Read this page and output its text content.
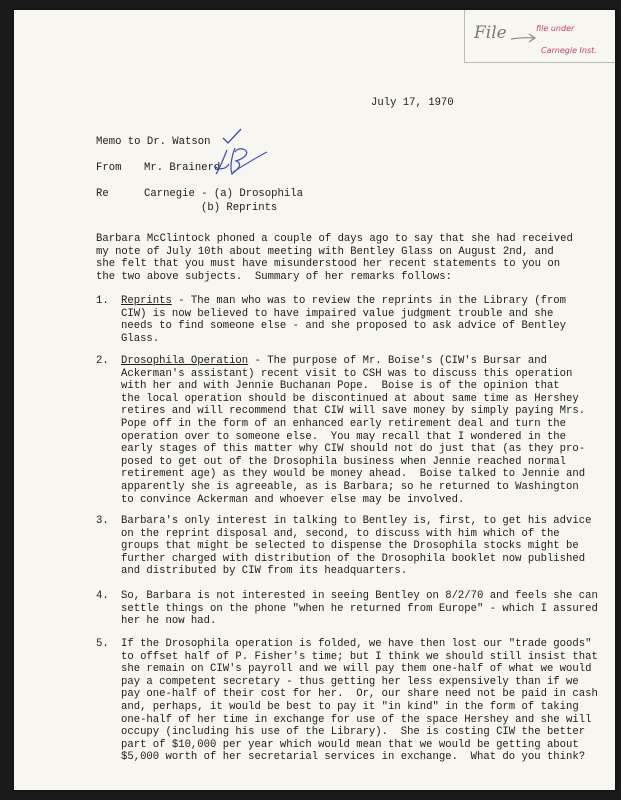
File	file under
Carnegie Inst.
July 17, 1970
Memo to Dr. Watson
From Mr. Brainerd
Re	Carnegie - (a) Drosophila
(b) Reprints
Barbara McClintock phoned a couple of days ago to say that she had received
my note of July 10th about meeting with Bentley Glass on August 2nd, and
she felt that you must have misunderstood her recent statements to you on
the two above subjects.  Summary of her remarks follows:
1. Reprints - The man who was to review the reprints in the Library (from
CIW) is now believed to have impaired value judgment trouble and she
needs to find someone else - and she proposed to ask advice of Bentley
Glass.
2. Drosophila Operation - The purpose of Mr. Boise's (CIW's Bursar and
Ackerman's assistant) recent visit to CSH was to discuss this operation
with her and with Jennie Buchanan Pope.  Boise is of the opinion that
the local operation should be discontinued at about same time as Hershey
retires and will recommend that CIW will save money by simply paying Mrs.
Pope off in the form of an enhanced early retirement deal and turn the
operation over to someone else.  You may recall that I wondered in the
early stages of this matter why CIW should not do just that (as they pro-
posed to get out of the Drosophila business when Jennie reached normal
retirement age) as they would be money ahead.  Boise talked to Jennie and
apparently she is agreeable, as is Barbara; so he returned to Washington
to convince Ackerman and whoever else may be involved.
3. Barbara's only interest in talking to Bentley is, first, to get his advice
on the reprint disposal and, second, to discuss with him which of the
groups that might be selected to dispense the Drosophila stocks might be
further charged with distribution of the Drosophila booklet now published
and distributed by CIW from its headquarters.
4. So, Barbara is not interested in seeing Bentley on 8/2/70 and feels she can
settle things on the phone "when he returned from Europe" - which I assured
her he now had.
5. If the Drosophila operation is folded, we have then lost our "trade goods"
to offset half of P. Fisher's time; but I think we should still insist that
she remain on CIW's payroll and we will pay them one-half of what we would
pay a competent secretary - thus getting her less expensively than if we
pay one-half of their cost for her.  Or, our share need not be paid in cash
and, perhaps, it would be best to pay it "in kind" in the form of taking
one-half of her time in exchange for use of the space Hershey and she will
occupy (including his use of the Library).  She is costing CIW the better
part of $10,000 per year which would mean that we would be getting about
$5,000 worth of her secretarial services in exchange.  What do you think?
